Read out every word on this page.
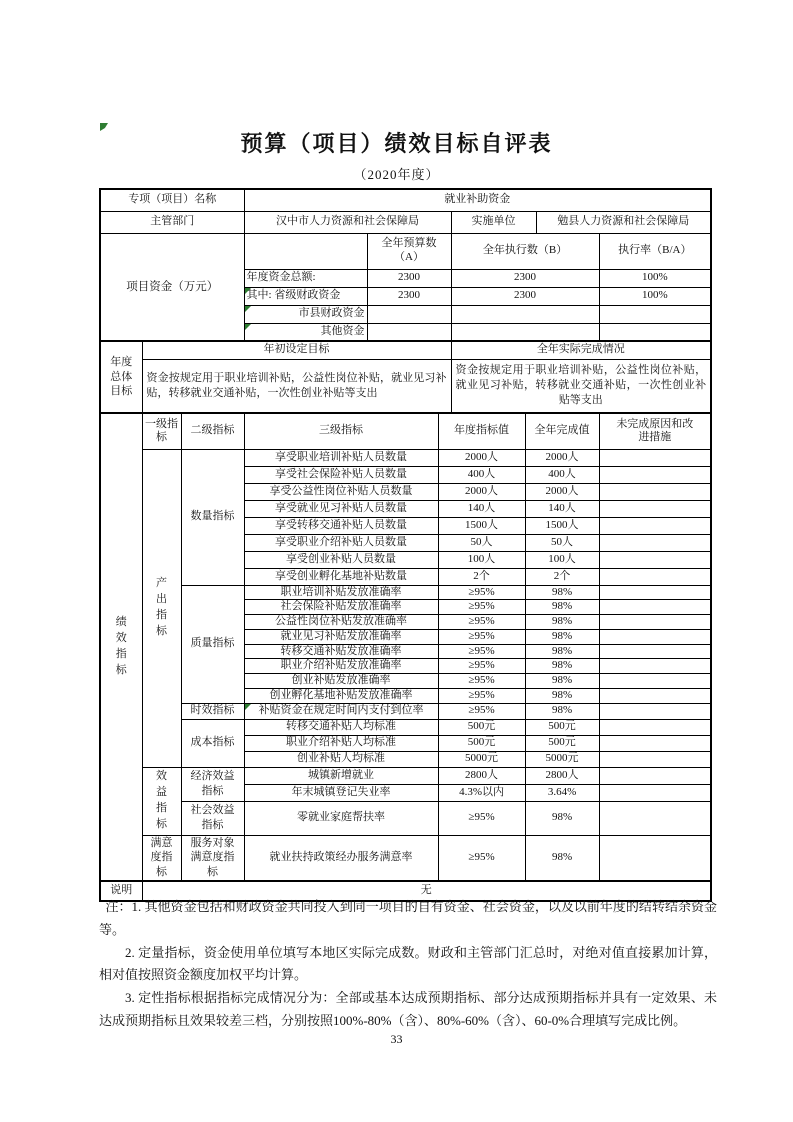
预算（项目）绩效目标自评表
（2020年度）
专项（项目）名称			就业补助资金						
主管部门			汉中市人力资源和社会保障局			实施单位		勉县人力资源和社会保障局	
项目资金（万元）				全年预算数（A）		全年执行数（B）			执行率（B/A）
			年度资金总额:	2300		2300			100%

其中: 省级财政资金	2300		2300			100%

市县财政资金						

其他资金						
年度总体目标	年初设定目标					全年实际完成情况			
	资金按规定用于职业培训补贴，公益性岗位补贴，就业见习补贴，转移就业交通补贴，一次性创业补贴等支出					资金按规定用于职业培训补贴，公益性岗位补贴，就业见习补贴，转移就业交通补贴，一次性创业补贴等支出			
绩效指标	一级指标	二级指标	三级指标		年度指标值		全年完成值		未完成原因和改进措施
	产出指标	数量指标	享受职业培训补贴人员数量		2000人		2000人		
			享受社会保险补贴人员数量		400人		400人		
			享受公益性岗位补贴人员数量		2000人		2000人		
			享受就业见习补贴人员数量		140人		140人		
			享受转移交通补贴人员数量		1500人		1500人		
			享受职业介绍补贴人员数量		50人		50人		
			享受创业补贴人员数量		100人		100人		
			享受创业孵化基地补贴数量		2个		2个		
		质量指标	职业培训补贴发放准确率		≥95%		98%		
			社会保险补贴发放准确率		≥95%		98%		
			公益性岗位补贴发放准确率		≥95%		98%		
			就业见习补贴发放准确率		≥95%		98%		
			转移交通补贴发放准确率		≥95%		98%		
			职业介绍补贴发放准确率		≥95%		98%		
			创业补贴发放准确率		≥95%		98%		
			创业孵化基地补贴发放准确率		≥95%		98%		
		时效指标	补贴资金在规定时间内支付到位率		≥95%		98%		
		成本指标	转移交通补贴人均标准		500元		500元		
			职业介绍补贴人均标准		500元		500元		
			创业补贴人均标准		5000元		5000元		
	效益指标	经济效益指标	城镇新增就业		2800人		2800人		
			年末城镇登记失业率		4.3%以内		3.64%		
		社会效益指标	零就业家庭帮扶率		≥95%		98%		
	满意度指标	服务对象满意度指标	就业扶持政策经办服务满意率		≥95%		98%		
说明	无								

注：1. 其他资金包括和财政资金共同投入到同一项目的自有资金、社会资金，以及以前年度的结转结余资金等。

2. 定量指标，资金使用单位填写本地区实际完成数。财政和主管部门汇总时，对绝对值直接累加计算，相对值按照资金额度加权平均计算。

3. 定性指标根据指标完成情况分为：全部或基本达成预期指标、部分达成预期指标并具有一定效果、未达成预期指标且效果较差三档，分别按照100%-80%（含）、80%-60%（含）、60-0%合理填写完成比例。

33
